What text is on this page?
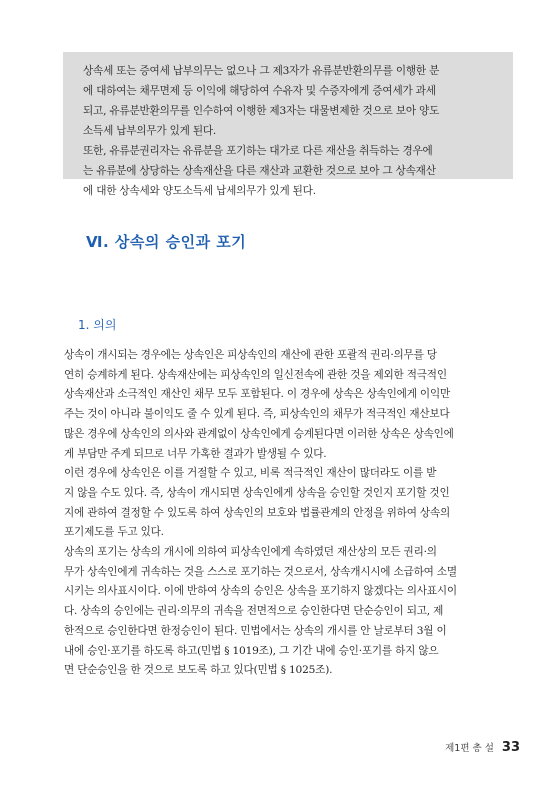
상속세 또는 증여세 납부의무는 없으나 그 제3자가 유류분반환의무를 이행한 분
에 대하여는 채무면제 등 이익에 해당하여 수유자 및 수증자에게 증여세가 과세
되고, 유류분반환의무를 인수하여 이행한 제3자는 대물변제한 것으로 보아 양도
소득세 납부의무가 있게 된다.

또한, 유류분권리자는 유류분을 포기하는 대가로 다른 재산을 취득하는 경우에
는 유류분에 상당하는 상속재산을 다른 재산과 교환한 것으로 보아 그 상속재산
에 대한 상속세와 양도소득세 납세의무가 있게 된다.

Ⅵ. 상속의 승인과 포기
1. 의의

상속이 개시되는 경우에는 상속인은 피상속인의 재산에 관한 포괄적 권리·의무를 당
연히 승계하게 된다. 상속재산에는 피상속인의 일신전속에 관한 것을 제외한 적극적인
상속재산과 소극적인 재산인 채무 모두 포함된다. 이 경우에 상속은 상속인에게 이익만
주는 것이 아니라 불이익도 줄 수 있게 된다. 즉, 피상속인의 채무가 적극적인 재산보다
많은 경우에 상속인의 의사와 관계없이 상속인에게 승계된다면 이러한 상속은 상속인에
게 부담만 주게 되므로 너무 가혹한 결과가 발생될 수 있다.

이런 경우에 상속인은 이를 거절할 수 있고, 비록 적극적인 재산이 많더라도 이를 받
지 않을 수도 있다. 즉, 상속이 개시되면 상속인에게 상속을 승인할 것인지 포기할 것인
지에 관하여 결정할 수 있도록 하여 상속인의 보호와 법률관계의 안정을 위하여 상속의
포기제도를 두고 있다.

상속의 포기는 상속의 개시에 의하여 피상속인에게 속하였던 재산상의 모든 권리·의
무가 상속인에게 귀속하는 것을 스스로 포기하는 것으로서, 상속개시시에 소급하여 소멸
시키는 의사표시이다. 이에 반하여 상속의 승인은 상속을 포기하지 않겠다는 의사표시이
다. 상속의 승인에는 권리·의무의 귀속을 전면적으로 승인한다면 단순승인이 되고, 제
한적으로 승인한다면 한정승인이 된다. 민법에서는 상속의 개시를 안 날로부터 3월 이
내에 승인·포기를 하도록 하고(민법 § 1019조), 그 기간 내에 승인·포기를 하지 않으
면 단순승인을 한 것으로 보도록 하고 있다(민법 § 1025조).

제1편 총 설 33
